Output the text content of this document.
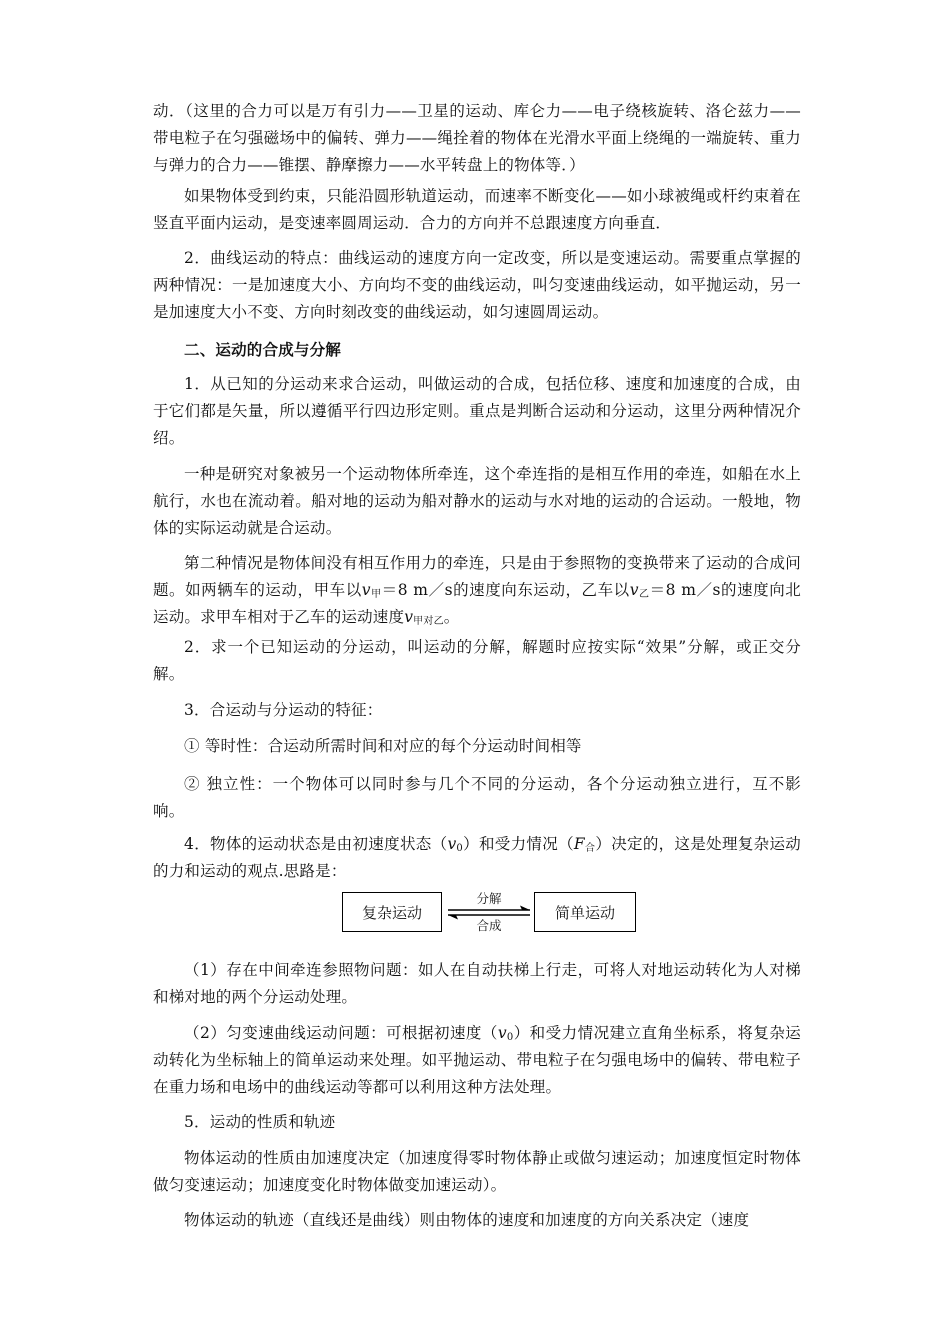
动．（这里的合力可以是万有引力——卫星的运动、库仑力——电子绕核旋转、洛仑兹力——带电粒子在匀强磁场中的偏转、弹力——绳拴着的物体在光滑水平面上绕绳的一端旋转、重力与弹力的合力——锥摆、静摩擦力——水平转盘上的物体等．）

如果物体受到约束，只能沿圆形轨道运动，而速率不断变化——如小球被绳或杆约束着在竖直平面内运动，是变速率圆周运动．合力的方向并不总跟速度方向垂直．

2．曲线运动的特点：曲线运动的速度方向一定改变，所以是变速运动。需要重点掌握的两种情况：一是加速度大小、方向均不变的曲线运动，叫匀变速曲线运动，如平抛运动，另一是加速度大小不变、方向时刻改变的曲线运动，如匀速圆周运动。

二、运动的合成与分解

1．从已知的分运动来求合运动，叫做运动的合成，包括位移、速度和加速度的合成，由于它们都是矢量，所以遵循平行四边形定则。重点是判断合运动和分运动，这里分两种情况介绍。

一种是研究对象被另一个运动物体所牵连，这个牵连指的是相互作用的牵连，如船在水上航行，水也在流动着。船对地的运动为船对静水的运动与水对地的运动的合运动。一般地，物体的实际运动就是合运动。

第二种情况是物体间没有相互作用力的牵连，只是由于参照物的变换带来了运动的合成问题。如两辆车的运动，甲车以$v_甲=8$ m／s的速度向东运动，乙车以$v_乙=8$ m／s的速度向北运动。求甲车相对于乙车的运动速度$v_{甲对乙}$。

2．求一个已知运动的分运动，叫运动的分解，解题时应按实际“效果”分解，或正交分解。

3．合运动与分运动的特征：

① 等时性：合运动所需时间和对应的每个分运动时间相等

② 独立性：一个物体可以同时参与几个不同的分运动，各个分运动独立进行，互不影响。

4．物体的运动状态是由初速度状态$(v_0)$和受力情况$(F_合)$决定的，这是处理复杂运动的力和运动的观点.思路是：

复杂运动
分解
合成
简单运动

（1）存在中间牵连参照物问题：如人在自动扶梯上行走，可将人对地运动转化为人对梯和梯对地的两个分运动处理。

（2）匀变速曲线运动问题：可根据初速度$(v_0)$和受力情况建立直角坐标系，将复杂运动转化为坐标轴上的简单运动来处理。如平抛运动、带电粒子在匀强电场中的偏转、带电粒子在重力场和电场中的曲线运动等都可以利用这种方法处理。

5．运动的性质和轨迹

物体运动的性质由加速度决定（加速度得零时物体静止或做匀速运动；加速度恒定时物体做匀变速运动；加速度变化时物体做变加速运动）。

物体运动的轨迹（直线还是曲线）则由物体的速度和加速度的方向关系决定（速度
